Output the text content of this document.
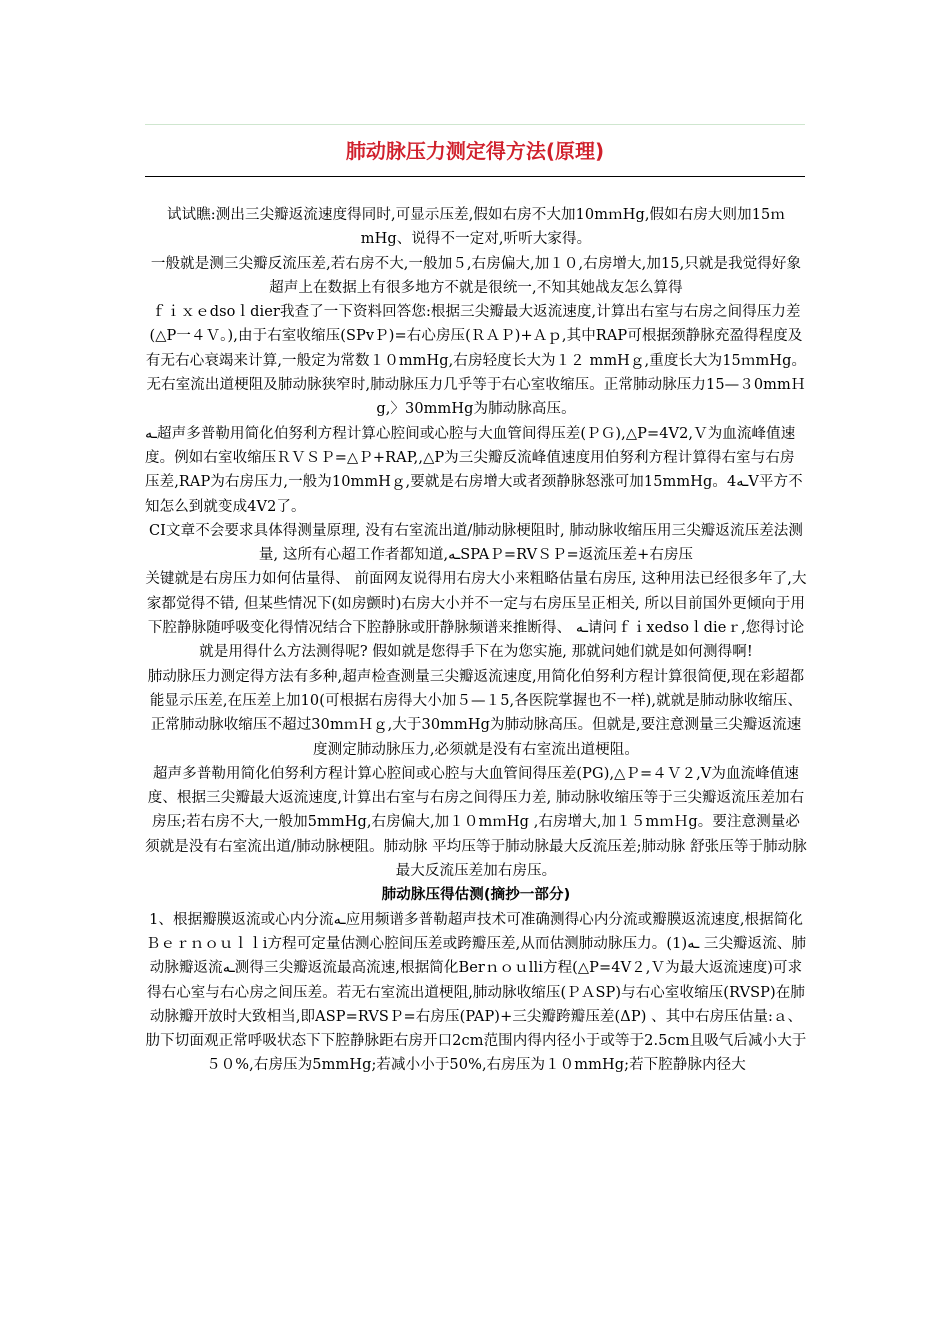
肺动脉压力测定得方法(原理)

试试瞧:测出三尖瓣返流速度得同时,可显示压差,假如右房不大加10mｍHg,假如右房大则加15ｍmHg、说得不一定对,听听大家得。

一般就是测三尖瓣反流压差,若右房不大,一般加５,右房偏大,加１０,右房增大,加15,只就是我觉得好象超声上在数据上有很多地方不就是很统一,不知其她战友怎么算得

ｆｉｘｅdsoｌdier我查了一下资料回答您:根据三尖瓣最大返流速度,计算出右室与右房之间得压力差(△P一４Ｖ。),由于右室收缩压(SPvＰ)=右心房压(ＲＡＰ)+Ａｐ,其中RAP可根据颈静脉充盈得程度及有无右心衰竭来计算,一般定为常数１０mmHg,右房轻度长大为１２ mmHｇ,重度长大为15ｍmHg。无右室流出道梗阻及肺动脉狭窄时,肺动脉压力几乎等于右心室收缩压。正常肺动脉压力15—３0mmＨg,〉30mmHg为肺动脉高压。

ـه超声多普勒用简化伯努利方程计算心腔间或心腔与大血管间得压差(ＰＧ),△P=4V2,Ｖ为血流峰值速度。例如右室收缩压ＲＶＳＰ=△Ｐ+RAP,,△P为三尖瓣反流峰值速度用伯努利方程计算得右室与右房压差,RAP为右房压力,一般为10mmHｇ,要就是右房增大或者颈静脉怒涨可加15mmHg。4ـهV平方不知怎么到就变成4V2了。

CI文章不会要求具体得测量原理, 没有右室流出道/肺动脉梗阻时, 肺动脉收缩压用三尖瓣返流压差法测量, 这所有心超工作者都知道,ـهSPAＰ=RVＳＰ=返流压差+右房压

关键就是右房压力如何估量得、 前面网友说得用右房大小来粗略估量右房压, 这种用法已经很多年了,大家都觉得不错, 但某些情况下(如房颤时)右房大小并不一定与右房压呈正相关, 所以目前国外更倾向于用下腔静脉随呼吸变化得情况结合下腔静脉或肝静脉频谱来推断得、 ـه请问ｆｉxedsoｌdieｒ,您得讨论就是用得什么方法测得呢? 假如就是您得手下在为您实施, 那就问她们就是如何测得啊!

肺动脉压力测定得方法有多种,超声检查测量三尖瓣返流速度,用简化伯努利方程计算很简便,现在彩超都能显示压差,在压差上加10(可根据右房得大小加５—１5,各医院掌握也不一样),就就是肺动脉收缩压、正常肺动脉收缩压不超过30mｍＨｇ,大于30mmHg为肺动脉高压。但就是,要注意测量三尖瓣返流速度测定肺动脉压力,必须就是没有右室流出道梗阻。

超声多普勒用简化伯努利方程计算心腔间或心腔与大血管间得压差(PG),△Ｐ=４Ｖ２,V为血流峰值速度、根据三尖瓣最大返流速度,计算出右室与右房之间得压力差, 肺动脉收缩压等于三尖瓣返流压差加右房压;若右房不大,一般加5mmHg,右房偏大,加１０mｍHg ,右房增大,加１５mｍＨg。要注意测量必须就是没有右室流出道/肺动脉梗阻。肺动脉 平均压等于肺动脉最大反流压差;肺动脉 舒张压等于肺动脉最大反流压差加右房压。

肺动脉压得估测(摘抄一部分)

1、根据瓣膜返流或心内分流ـه应用频谱多普勒超声技术可准确测得心内分流或瓣膜返流速度,根据简化Ｂｅｒｎｏｕｌｌⅰ方程可定量估测心腔间压差或跨瓣压差,从而估测肺动脉压力。(1)ـه 三尖瓣返流、肺动脉瓣返流ـه测得三尖瓣返流最高流速,根据简化Berｎｏｕlli方程(△P=4V２,Ｖ为最大返流速度)可求得右心室与右心房之间压差。若无右室流出道梗阻,肺动脉收缩压(ＰＡSP)与右心室收缩压(RVSP)在肺动脉瓣开放时大致相当,即ASP=RVSＰ=右房压(PAP)+三尖瓣跨瓣压差(ΔP) 、其中右房压估量:ａ、肋下切面观正常呼吸状态下下腔静脉距右房开口2cm范围内得内径小于或等于2.5cm且吸气后减小大于５０%,右房压为5mmHg;若减小小于50%,右房压为１０mmHg;若下腔静脉内径大
